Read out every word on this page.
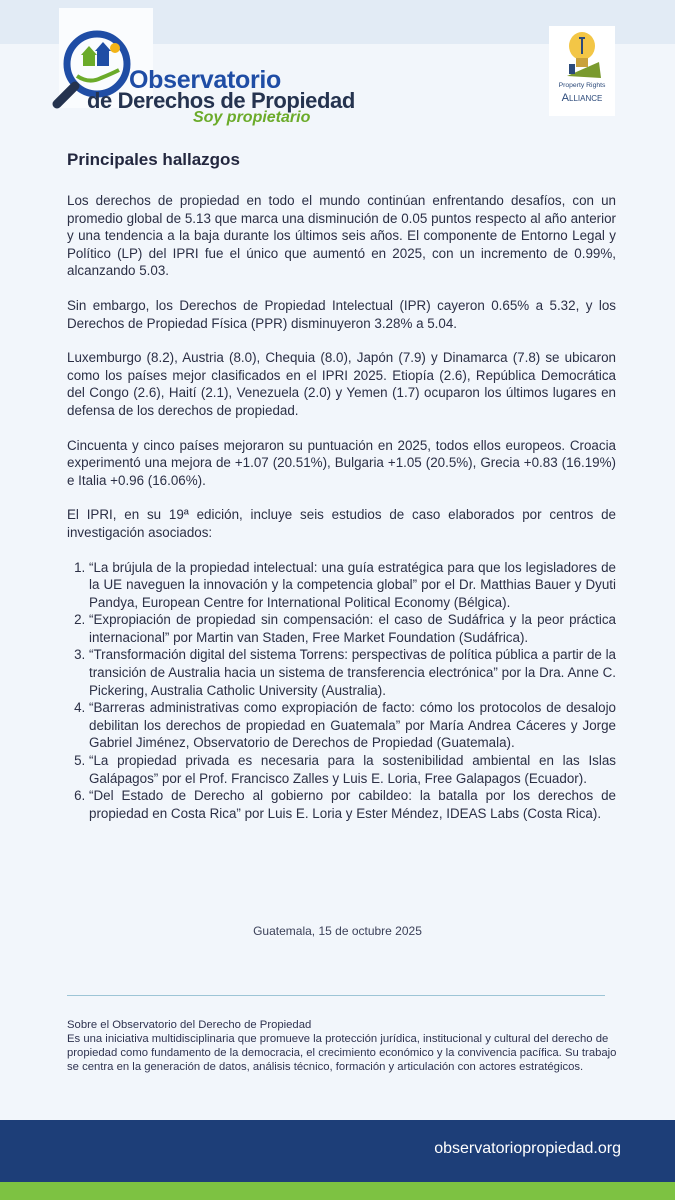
Observatorio
de Derechos de Propiedad
Soy propietario
Property Rights
Alliance
Principales hallazgos

Los derechos de propiedad en todo el mundo continúan enfrentando desafíos, con un promedio global de 5.13 que marca una disminución de 0.05 puntos respecto al año anterior y una tendencia a la baja durante los últimos seis años. El componente de Entorno Legal y Político (LP) del IPRI fue el único que aumentó en 2025, con un incremento de 0.99%, alcanzando 5.03.

Sin embargo, los Derechos de Propiedad Intelectual (IPR) cayeron 0.65% a 5.32, y los Derechos de Propiedad Física (PPR) disminuyeron 3.28% a 5.04.

Luxemburgo (8.2), Austria (8.0), Chequia (8.0), Japón (7.9) y Dinamarca (7.8) se ubicaron como los países mejor clasificados en el IPRI 2025. Etiopía (2.6), República Democrática del Congo (2.6), Haití (2.1), Venezuela (2.0) y Yemen (1.7) ocuparon los últimos lugares en defensa de los derechos de propiedad.

Cincuenta y cinco países mejoraron su puntuación en 2025, todos ellos europeos. Croacia experimentó una mejora de +1.07 (20.51%), Bulgaria +1.05 (20.5%), Grecia +0.83 (16.19%) e Italia +0.96 (16.06%).

El IPRI, en su 19ª edición, incluye seis estudios de caso elaborados por centros de investigación asociados:

1. “La brújula de la propiedad intelectual: una guía estratégica para que los legisladores de la UE naveguen la innovación y la competencia global” por el Dr. Matthias Bauer y Dyuti Pandya, European Centre for International Political Economy (Bélgica).
2. “Expropiación de propiedad sin compensación: el caso de Sudáfrica y la peor práctica internacional” por Martin van Staden, Free Market Foundation (Sudáfrica).
3. “Transformación digital del sistema Torrens: perspectivas de política pública a partir de la transición de Australia hacia un sistema de transferencia electrónica” por la Dra. Anne C. Pickering, Australia Catholic University (Australia).
4. “Barreras administrativas como expropiación de facto: cómo los protocolos de desalojo debilitan los derechos de propiedad en Guatemala” por María Andrea Cáceres y Jorge Gabriel Jiménez, Observatorio de Derechos de Propiedad (Guatemala).
5. “La propiedad privada es necesaria para la sostenibilidad ambiental en las Islas Galápagos” por el Prof. Francisco Zalles y Luis E. Loria, Free Galapagos (Ecuador).
6. “Del Estado de Derecho al gobierno por cabildeo: la batalla por los derechos de propiedad en Costa Rica” por Luis E. Loria y Ester Méndez, IDEAS Labs (Costa Rica).
Guatemala, 15 de octubre 2025
Sobre el Observatorio del Derecho de Propiedad
Es una iniciativa multidisciplinaria que promueve la protección jurídica, institucional y cultural del derecho de propiedad como fundamento de la democracia, el crecimiento económico y la convivencia pacífica. Su trabajo se centra en la generación de datos, análisis técnico, formación y articulación con actores estratégicos.
observatoriopropiedad.org
